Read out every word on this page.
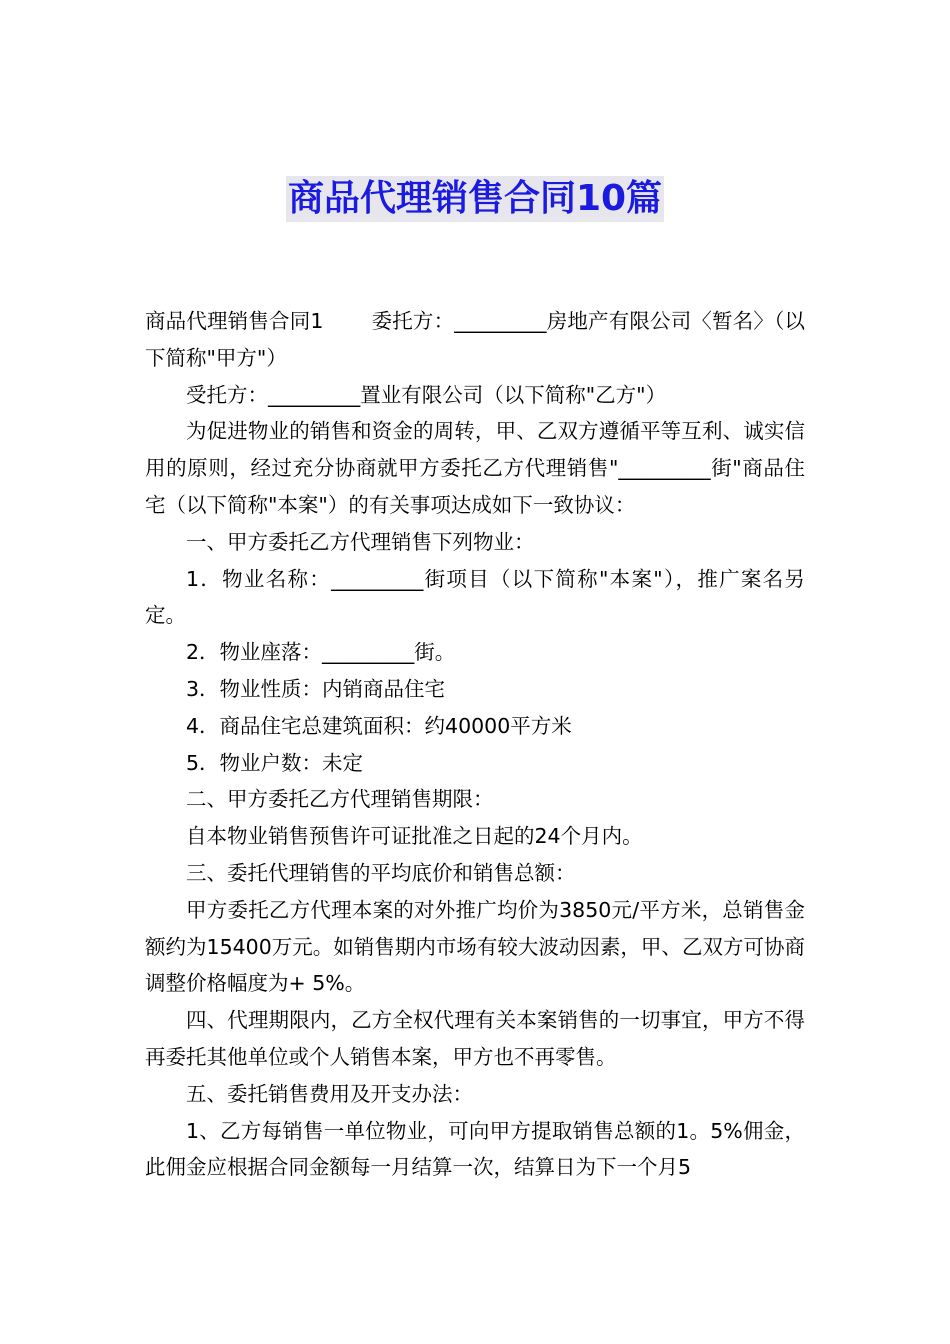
商品代理销售合同10篇

商品代理销售合同1 委托方：_________房地产有限公司〈暂名〉（以下简称"甲方"）

受托方：_________置业有限公司（以下简称"乙方"）

为促进物业的销售和资金的周转，甲、乙双方遵循平等互利、诚实信用的原则，经过充分协商就甲方委托乙方代理销售"_________街"商品住宅（以下简称"本案"）的有关事项达成如下一致协议：

一、甲方委托乙方代理销售下列物业：

1．物业名称：_________街项目（以下简称"本案"），推广案名另定。

2．物业座落：_________街。

3．物业性质：内销商品住宅

4．商品住宅总建筑面积：约40000平方米

5．物业户数：未定

二、甲方委托乙方代理销售期限：

自本物业销售预售许可证批准之日起的24个月内。

三、委托代理销售的平均底价和销售总额：

甲方委托乙方代理本案的对外推广均价为3850元/平方米，总销售金额约为15400万元。如销售期内市场有较大波动因素，甲、乙双方可协商调整价格幅度为+ 5%。

四、代理期限内，乙方全权代理有关本案销售的一切事宜，甲方不得再委托其他单位或个人销售本案，甲方也不再零售。

五、委托销售费用及开支办法：

1、乙方每销售一单位物业，可向甲方提取销售总额的1。5%佣金，此佣金应根据合同金额每一月结算一次，结算日为下一个月5
